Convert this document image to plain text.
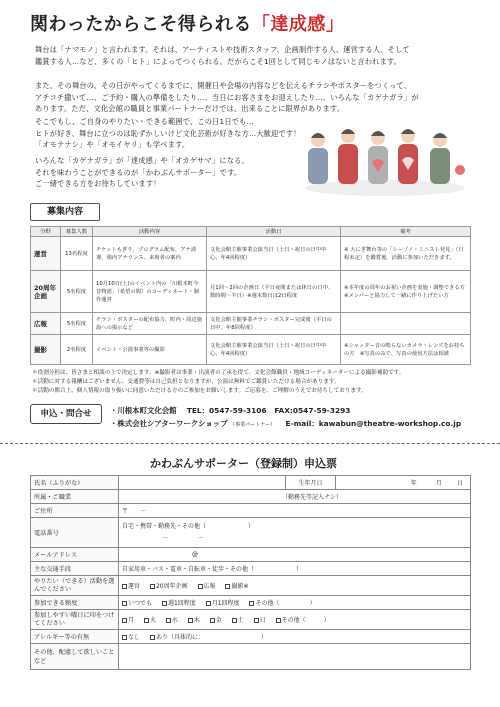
関わったからこそ得られる「達成感」
舞台は「ナマモノ」と言われます。それは、アーティストや技術スタッフ、企画制作する人、運営する人、そして
鑑賞する人…など、多くの「ヒト」によってつくられる。だからこそ1回として同じモノはないと言われます。
また、その舞台の、その日がやってくるまでに、開催日や会場の内容などを伝えるチラシやポスターをつくって、
アチコチ撒いて…、ご予約・購入の準備をしたり…、当日にお客さまをお迎えしたり…、いろんな「カゲナガラ」が
あります。ただ、文化会館の職員と事業パートナーだけでは、出来ることに限界があります。
そこでもし、ご自身のやりたい・できる範囲で、この日1日でも…
ヒトが好き、舞台に立つのは恥ずかしいけど文化芸術が好きな方…大歓迎です！
「オモテナシ」や「オモイヤリ」も学べます。
いろんな「カゲナガラ」が「達成感」や「オカゲサマ」になる。
それを味わうことができるのが「かわぶんサポーター」です。
ご一緒できる方をお待ちしています！
募集内容
分野	募集人数	活動内容	活動日	備考
運営	13名程度	チケットもぎり、プログラム配布、アナ誘導、場内アナウンス、来場者の案内	文化会館主催事業公演当日（土日・祝日の日中中心、年4回程度）	※ 大にぎ舞台等の「シーゾノ・ミニスト発見」（日程未定）を鑑賞後、活動に参加いただきます。
20周年企画	5名程度	10月10日(土)のイベント内の「川根本町今昔物語」（希望の間）のコーディネート・制作運営	月1回〜2回の企画日（平日夜間または休日の日中、数時間〜半日）※週末数日は2日程度	※本年度の周年のお祝い企画を実施・調整できる方　※メンバーと協力して一緒に作り上げたい方
広報	5名程度	チラシ・ポスターの配布協力、町内・周辺施設への掲示など	文化会館主催事業チラシ・ポスター完成後（平日の日中、年8回程度）	
撮影	2名程度	イベント・公演事業等の撮影	文化会館主催事業公演当日（土日・祝日の日中中心、年4回程度）	※シャッター音の鳴らないカメラ・レンズをお持ちの方　※写真のみで、写真の使用方法は相談
＊役割分担は、皆さまと相談の上で決定します。※撮影者は事業・出演者の了承を得て、文化会館職員・地域コーディネーターによる撮影補助です。
＊活動に対する報酬はございません。交通費等は自己負担となりますが、公演は無料でご鑑賞いただける場合があります。
＊活動の都合上、個人情報の取り扱いに同意いただける方のご参加をお願いします。ご応募を、ご理解のうえでお待ちしております。
申込・問合せ	・川根本町文化会館 TEL：0547-59-3106 FAX:0547-59-3293
・株式会社シアターワークショップ （事業パートナー） E-mail：kawabun@theatre-workshop.co.jp
かわぶんサポーター（登録制）申込票
氏名（ふりがな）		生年月日	年 月 日
所属・ご職業	（勤務先等記入ナシ）		
ご住所	〒　　－		
電話番号	自宅・携帯・勤務先・その他（　　　　　　　）
－　　　　　－		

メールアドレス	@		
主な交通手段	自家用車・バス・電車・自転車・徒歩・その他（　　　　　　　）		
やりたい（できる）活動を選んでください	運営 20周年企画 広報 撮影※		
参加できる頻度	いつでも 週1回程度 月1回程度 その他（　　　　　）		
参加しやすい曜日に印をつけてください	月 火 水 木 金 土 日 その他（　　　）		
アレルギー等の有無	なし あり（具体的に：　　　　　　　　　　）		
その他、配慮して欲しいことなど			
